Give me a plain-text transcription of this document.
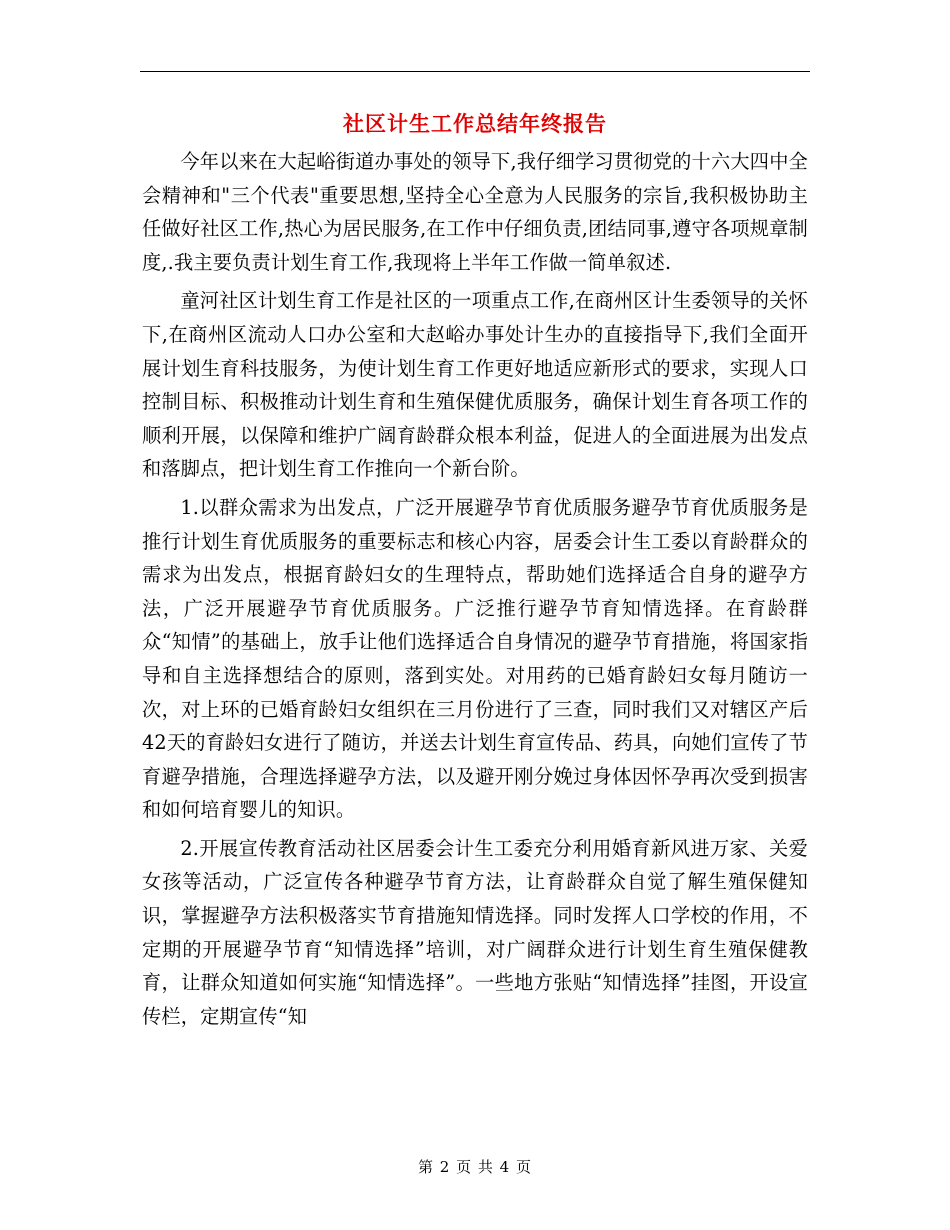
社区计生工作总结年终报告

今年以来在大起峪街道办事处的领导下,我仔细学习贯彻党的十六大四中全会精神和"三个代表"重要思想,坚持全心全意为人民服务的宗旨,我积极协助主任做好社区工作,热心为居民服务,在工作中仔细负责,团结同事,遵守各项规章制度,.我主要负责计划生育工作,我现将上半年工作做一简单叙述.

童河社区计划生育工作是社区的一项重点工作,在商州区计生委领导的关怀下,在商州区流动人口办公室和大赵峪办事处计生办的直接指导下,我们全面开展计划生育科技服务，为使计划生育工作更好地适应新形式的要求，实现人口控制目标、积极推动计划生育和生殖保健优质服务，确保计划生育各项工作的顺利开展，以保障和维护广阔育龄群众根本利益，促进人的全面进展为出发点和落脚点，把计划生育工作推向一个新台阶。

1.以群众需求为出发点，广泛开展避孕节育优质服务避孕节育优质服务是推行计划生育优质服务的重要标志和核心内容，居委会计生工委以育龄群众的需求为出发点，根据育龄妇女的生理特点，帮助她们选择适合自身的避孕方法，广泛开展避孕节育优质服务。广泛推行避孕节育知情选择。在育龄群众“知情”的基础上，放手让他们选择适合自身情况的避孕节育措施，将国家指导和自主选择想结合的原则，落到实处。对用药的已婚育龄妇女每月随访一次，对上环的已婚育龄妇女组织在三月份进行了三查，同时我们又对辖区产后42天的育龄妇女进行了随访，并送去计划生育宣传品、药具，向她们宣传了节育避孕措施，合理选择避孕方法，以及避开刚分娩过身体因怀孕再次受到损害和如何培育婴儿的知识。

2.开展宣传教育活动社区居委会计生工委充分利用婚育新风进万家、关爱女孩等活动，广泛宣传各种避孕节育方法，让育龄群众自觉了解生殖保健知识，掌握避孕方法积极落实节育措施知情选择。同时发挥人口学校的作用，不定期的开展避孕节育“知情选择”培训，对广阔群众进行计划生育生殖保健教育，让群众知道如何实施“知情选择”。一些地方张贴“知情选择”挂图，开设宣传栏，定期宣传“知

第 2 页 共 4 页
